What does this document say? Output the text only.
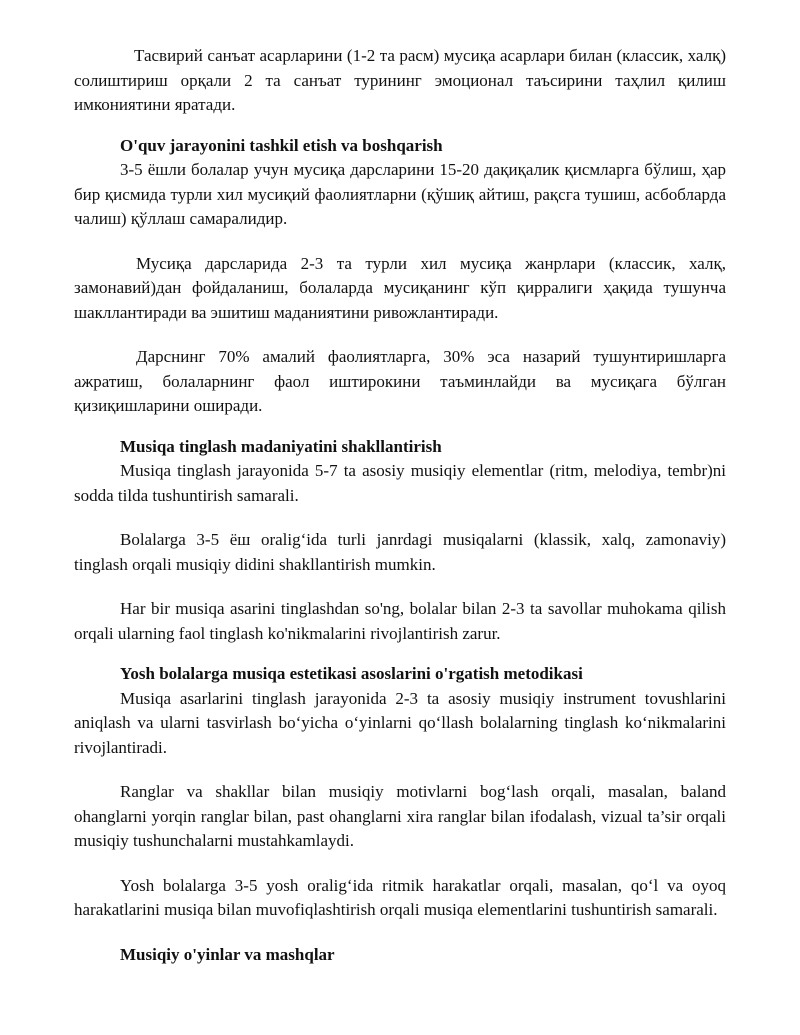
Тасвирий санъат асарларини (1-2 та расм) мусиқа асарлари билан (классик, халқ) солиштириш орқали 2 та санъат турининг эмоционал таъсирини таҳлил қилиш имкониятини яратади.

O'quv jarayonini tashkil etish va boshqarish

3-5 ёшли болалар учун мусиқа дарсларини 15-20 дақиқалик қисмларга бўлиш, ҳар бир қисмида турли хил мусиқий фаолиятларни (қўшиқ айтиш, рақсга тушиш, асбобларда чалиш) қўллаш самаралидир.

Мусиқа дарсларида 2-3 та турли хил мусиқа жанрлари (классик, халқ, замонавий)дан фойдаланиш, болаларда мусиқанинг кўп қирралиги ҳақида тушунча шакллантиради ва эшитиш маданиятини ривожлантиради.

Дарснинг 70% амалий фаолиятларга, 30% эса назарий тушунтиришларга ажратиш, болаларнинг фаол иштирокини таъминлайди ва мусиқага бўлган қизиқишларини оширади.

Musiqa tinglash madaniyatini shakllantirish

Musiqa tinglash jarayonida 5-7 ta asosiy musiqiy elementlar (ritm, melodiya, tembr)ni sodda tilda tushuntirish samarali.

Bolalarga 3-5 ёш oralig‘ida turli janrdagi musiqalarni (klassik, xalq, zamonaviy) tinglash orqali musiqiy didini shakllantirish mumkin.

Har bir musiqa asarini tinglashdan so'ng, bolalar bilan 2-3 ta savollar muhokama qilish orqali ularning faol tinglash ko'nikmalarini rivojlantirish zarur.

Yosh bolalarga musiqa estetikasi asoslarini o'rgatish metodikasi

Musiqa asarlarini tinglash jarayonida 2-3 ta asosiy musiqiy instrument tovushlarini aniqlash va ularni tasvirlash bo‘yicha o‘yinlarni qo‘llash bolalarning tinglash ko‘nikmalarini rivojlantiradi.

Ranglar va shakllar bilan musiqiy motivlarni bog‘lash orqali, masalan, baland ohanglarni yorqin ranglar bilan, past ohanglarni xira ranglar bilan ifodalash, vizual ta’sir orqali musiqiy tushunchalarni mustahkamlaydi.

Yosh bolalarga 3-5 yosh oralig‘ida ritmik harakatlar orqali, masalan, qo‘l va oyoq harakatlarini musiqa bilan muvofiqlashtirish orqali musiqa elementlarini tushuntirish samarali.

Musiqiy o'yinlar va mashqlar
